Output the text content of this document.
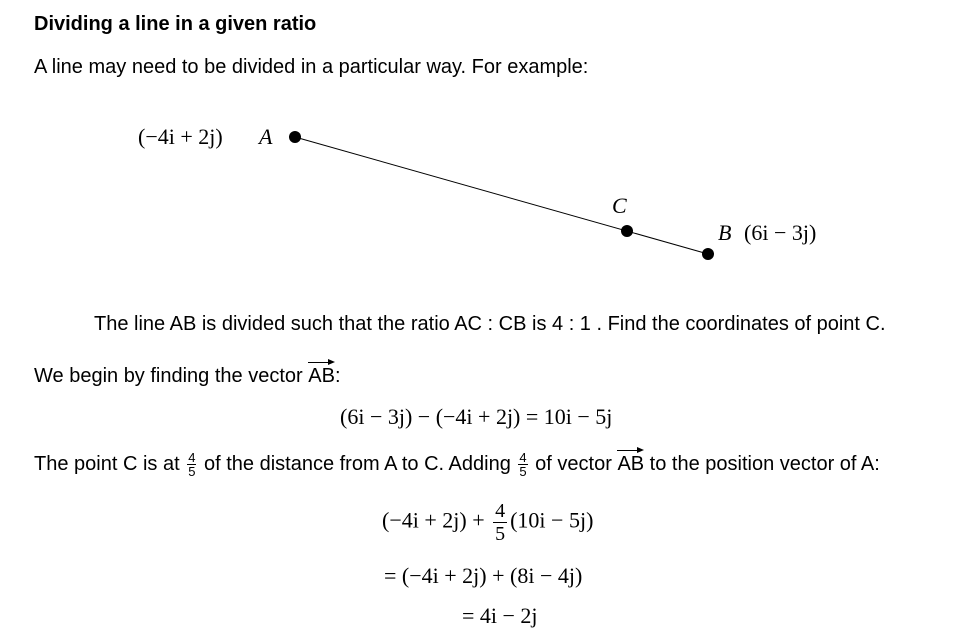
Dividing a line in a given ratio
A line may need to be divided in a particular way. For example:
(−4i + 2j) A
C
B (6i − 3j)
The line AB is divided such that the ratio AC : CB is 4 : 1 . Find the coordinates of point C.
We begin by finding the vector AB:
(6i − 3j) − (−4i + 2j) = 10i − 5j
The point C is at $\frac{4}{5}$ of the distance from A to C. Adding $\frac{4}{5}$ of vector AB to the position vector of A:
$(-4i + 2j) + \frac{4}{5} (10i - 5j)$
= (−4i + 2j) + (8i − 4j)
= 4i − 2j
